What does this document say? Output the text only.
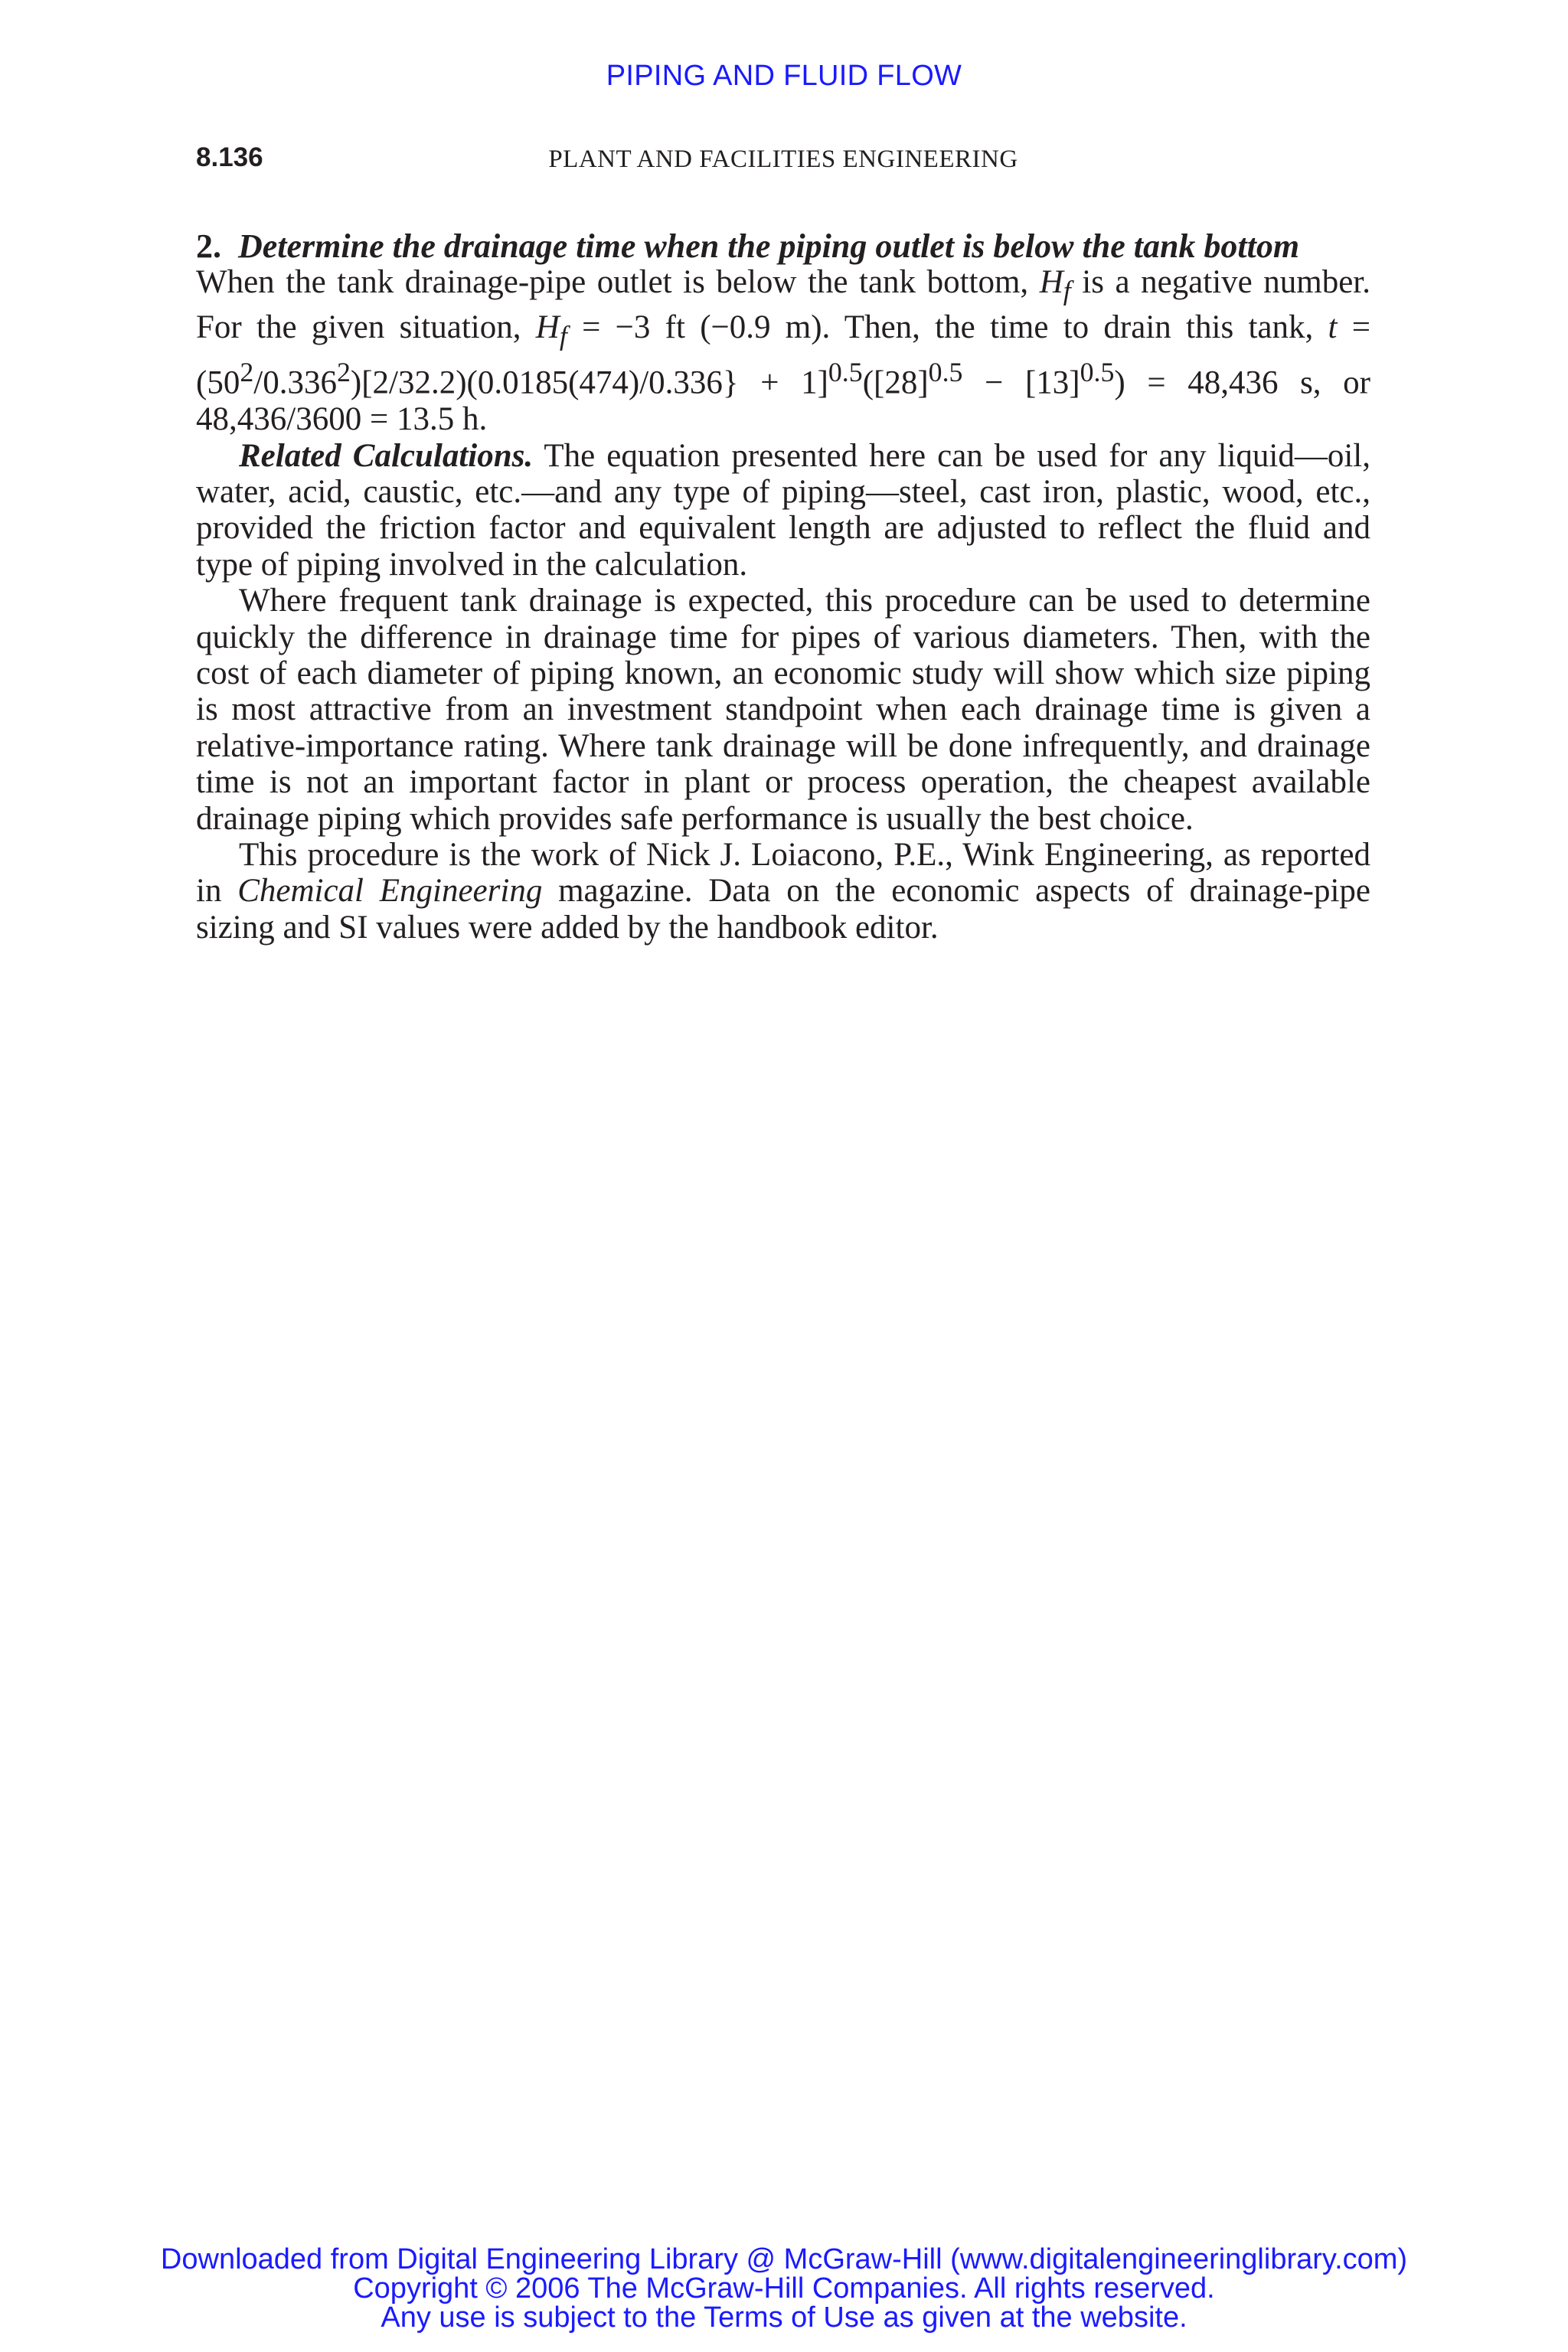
PIPING AND FLUID FLOW
8.136	PLANT AND FACILITIES ENGINEERING
2. Determine the drainage time when the piping outlet is below the tank bottom

When the tank drainage-pipe outlet is below the tank bottom, $H_f$ is a negative number. For the given situation, $H_f = -3$ ft (−0.9 m). Then, the time to drain this tank, $t = (50^2/0.336^2)[2/32.2)(0.0185(474)/0.336\} + 1]^{0.5}([28]^{0.5} - [13]^{0.5}) = 48,436$ s, or 48,436/3600 = 13.5 h.

Related Calculations. The equation presented here can be used for any liquid—oil, water, acid, caustic, etc.—and any type of piping—steel, cast iron, plastic, wood, etc., provided the friction factor and equivalent length are adjusted to reflect the fluid and type of piping involved in the calculation.

Where frequent tank drainage is expected, this procedure can be used to determine quickly the difference in drainage time for pipes of various diameters. Then, with the cost of each diameter of piping known, an economic study will show which size piping is most attractive from an investment standpoint when each drainage time is given a relative-importance rating. Where tank drainage will be done infrequently, and drainage time is not an important factor in plant or process operation, the cheapest available drainage piping which provides safe performance is usually the best choice.

This procedure is the work of Nick J. Loiacono, P.E., Wink Engineering, as reported in Chemical Engineering magazine. Data on the economic aspects of drainage-pipe sizing and SI values were added by the handbook editor.

Downloaded from Digital Engineering Library @ McGraw-Hill (www.digitalengineeringlibrary.com)
Copyright © 2006 The McGraw-Hill Companies. All rights reserved.
Any use is subject to the Terms of Use as given at the website.
